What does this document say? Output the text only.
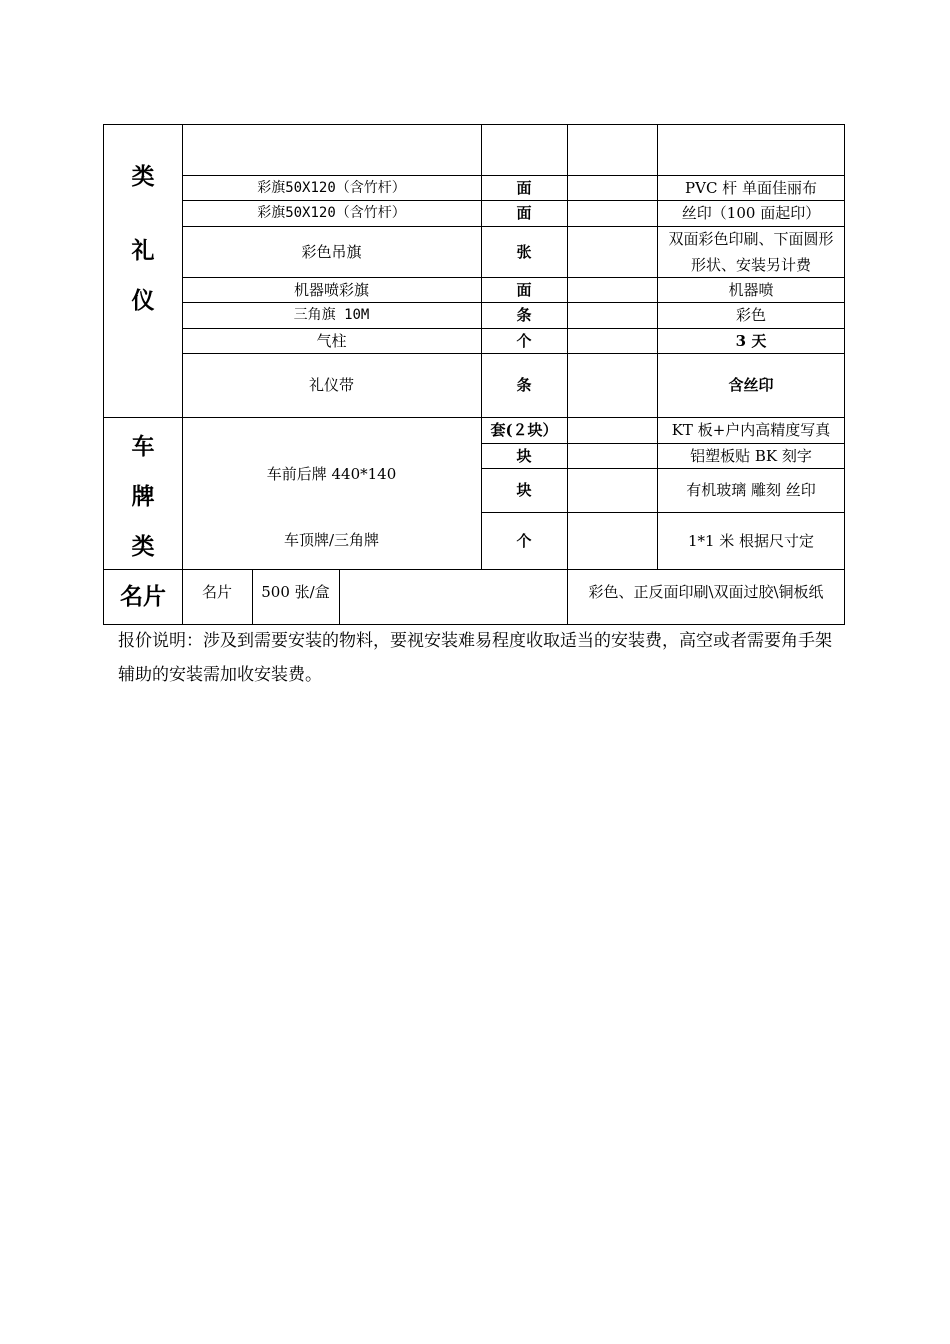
类
礼
仪
车
牌
类
名片
彩旗50X120（含竹杆）
彩旗50X120（含竹杆）
彩色吊旗
机器喷彩旗
三角旗 10M
气柱
礼仪带
面
面
张
面
条
个
条
PVC 杆 单面佳丽布
丝印（100 面起印）
双面彩色印刷、下面圆形形状、安装另计费
机器喷
彩色
3 天
含丝印
车前后牌 440*140
车顶牌/三角牌
套(２块）
块
块
个
KT 板+户内高精度写真
铝塑板贴 BK 刻字
有机玻璃 雕刻 丝印
1*1 米 根据尺寸定
名片	500 张/盒	彩色、正反面印刷\双面过胶\铜板纸
报价说明：涉及到需要安装的物料，要视安装难易程度收取适当的安装费，高空或者需要角手架辅助的安装需加收安装费。
